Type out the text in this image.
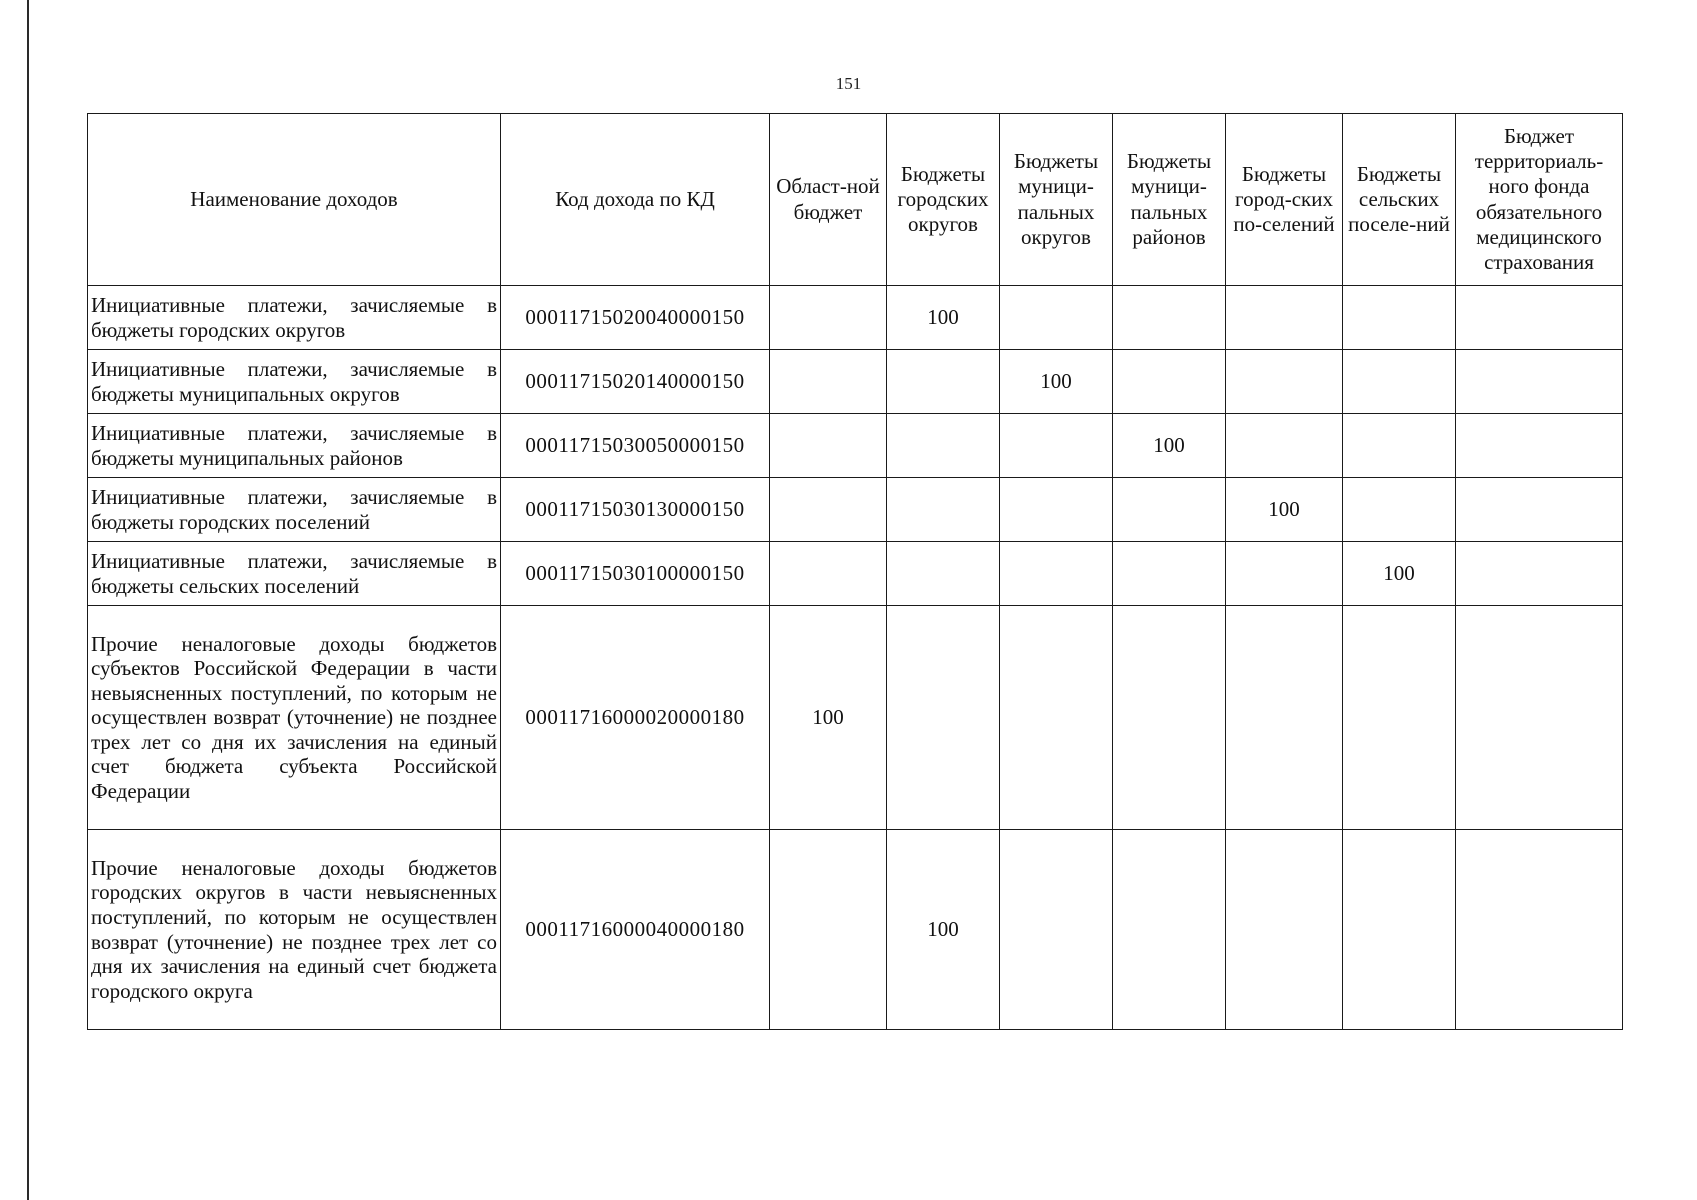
151
Наименование доходов	Код дохода по КД	Област-ной бюджет	Бюджеты городских округов	Бюджеты муници-пальных округов	Бюджеты муници-пальных районов	Бюджеты город-ских по-селений	Бюджеты сельских поселе-ний	Бюджет территориаль-ного фонда обязательного медицинского страхования
Инициативные платежи, зачисляемые в бюджеты городских округов	00011715020040000150		100					
Инициативные платежи, зачисляемые в бюджеты муниципальных округов	00011715020140000150			100				
Инициативные платежи, зачисляемые в бюджеты муниципальных районов	00011715030050000150				100			
Инициативные платежи, зачисляемые в бюджеты городских поселений	00011715030130000150					100		
Инициативные платежи, зачисляемые в бюджеты сельских поселений	00011715030100000150						100	
Прочие неналоговые доходы бюджетов субъектов Российской Федерации в части невыясненных поступлений, по которым не осуществлен возврат (уточнение) не позднее трех лет со дня их зачисления на единый счет бюджета субъекта Российской Федерации	00011716000020000180	100						
Прочие неналоговые доходы бюджетов городских округов в части невыясненных поступлений, по которым не осуществлен возврат (уточнение) не позднее трех лет со дня их зачисления на единый счет бюджета городского округа	00011716000040000180		100					
